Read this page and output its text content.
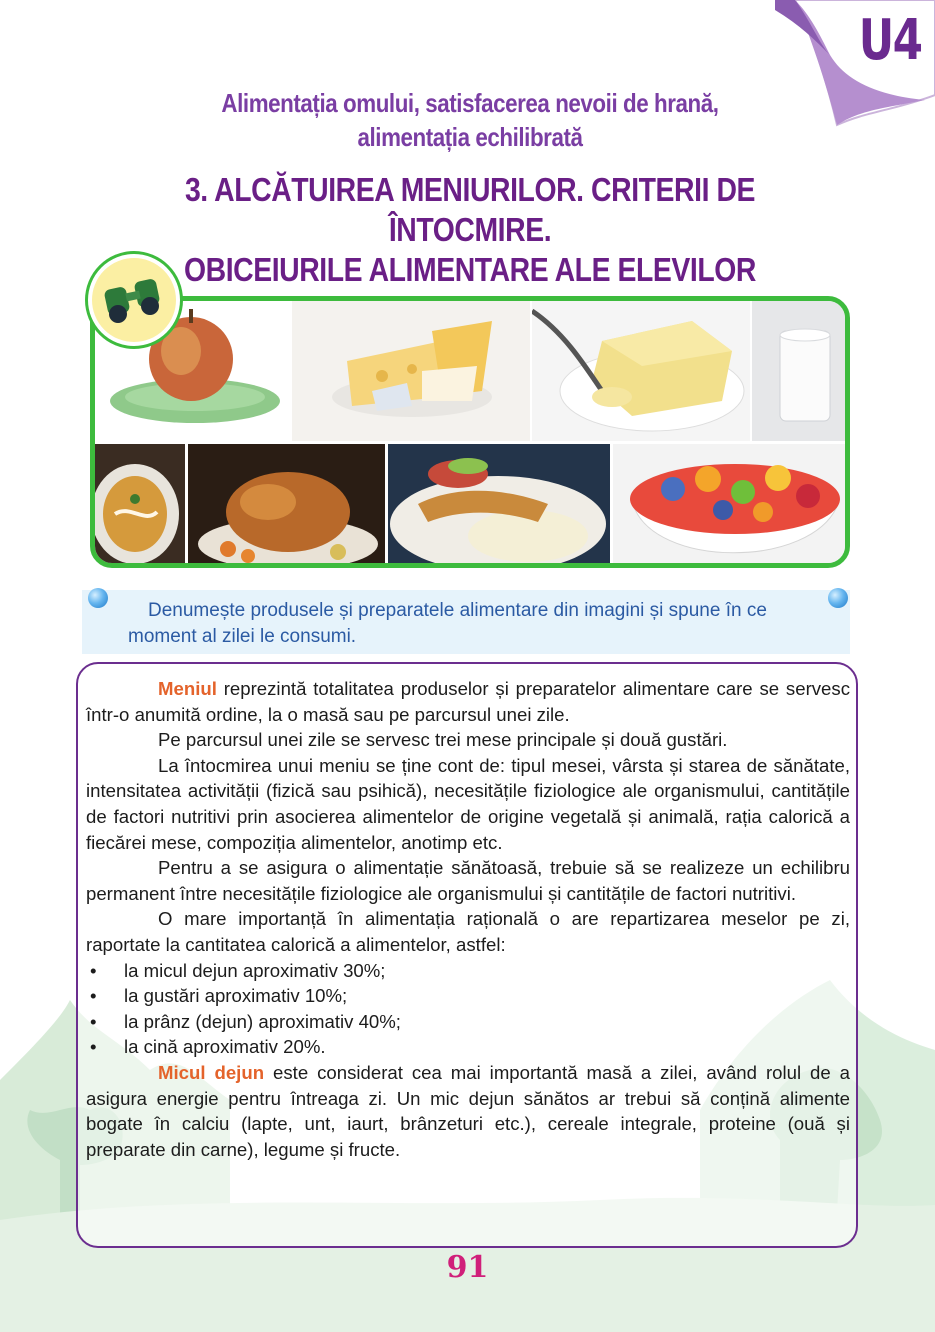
U4
Alimentația omului, satisfacerea nevoii de hrană,
alimentația echilibrată
3. ALCĂTUIREA MENIURILOR. CRITERII DE ÎNTOCMIRE.
OBICEIURILE ALIMENTARE ALE ELEVILOR
Denumește produsele și preparatele alimentare din imagini și spune în ce moment al zilei le consumi.

Meniul reprezintă totalitatea produselor și preparatelor alimentare care se servesc într-o anumită ordine, la o masă sau pe parcursul unei zile.

Pe parcursul unei zile se servesc trei mese principale și două gustări.

La întocmirea unui meniu se ține cont de: tipul mesei, vârsta și starea de sănătate, intensitatea activității (fizică sau psihică), necesitățile fiziologice ale organismului, cantitățile de factori nutritivi prin asocierea alimentelor de origine vegetală și animală, rația calorică a fiecărei mese, compoziția alimentelor, anotimp etc.

Pentru a se asigura o alimentație sănătoasă, trebuie să se realizeze un echilibru permanent între necesitățile fiziologice ale organismului și cantitățile de factori nutritivi.

O mare importanță în alimentația rațională o are repartizarea meselor pe zi, raportate la cantitatea calorică a alimentelor, astfel:

• la micul dejun aproximativ 30%;
• la gustări aproximativ 10%;
• la prânz (dejun) aproximativ 40%;
• la cină aproximativ 20%.

Micul dejun este considerat cea mai importantă masă a zilei, având rolul de a asigura energie pentru întreaga zi. Un mic dejun sănătos ar trebui să conțină alimente bogate în calciu (lapte, unt, iaurt, brânzeturi etc.), cereale integrale, proteine (ouă și preparate din carne), legume și fructe.

91
